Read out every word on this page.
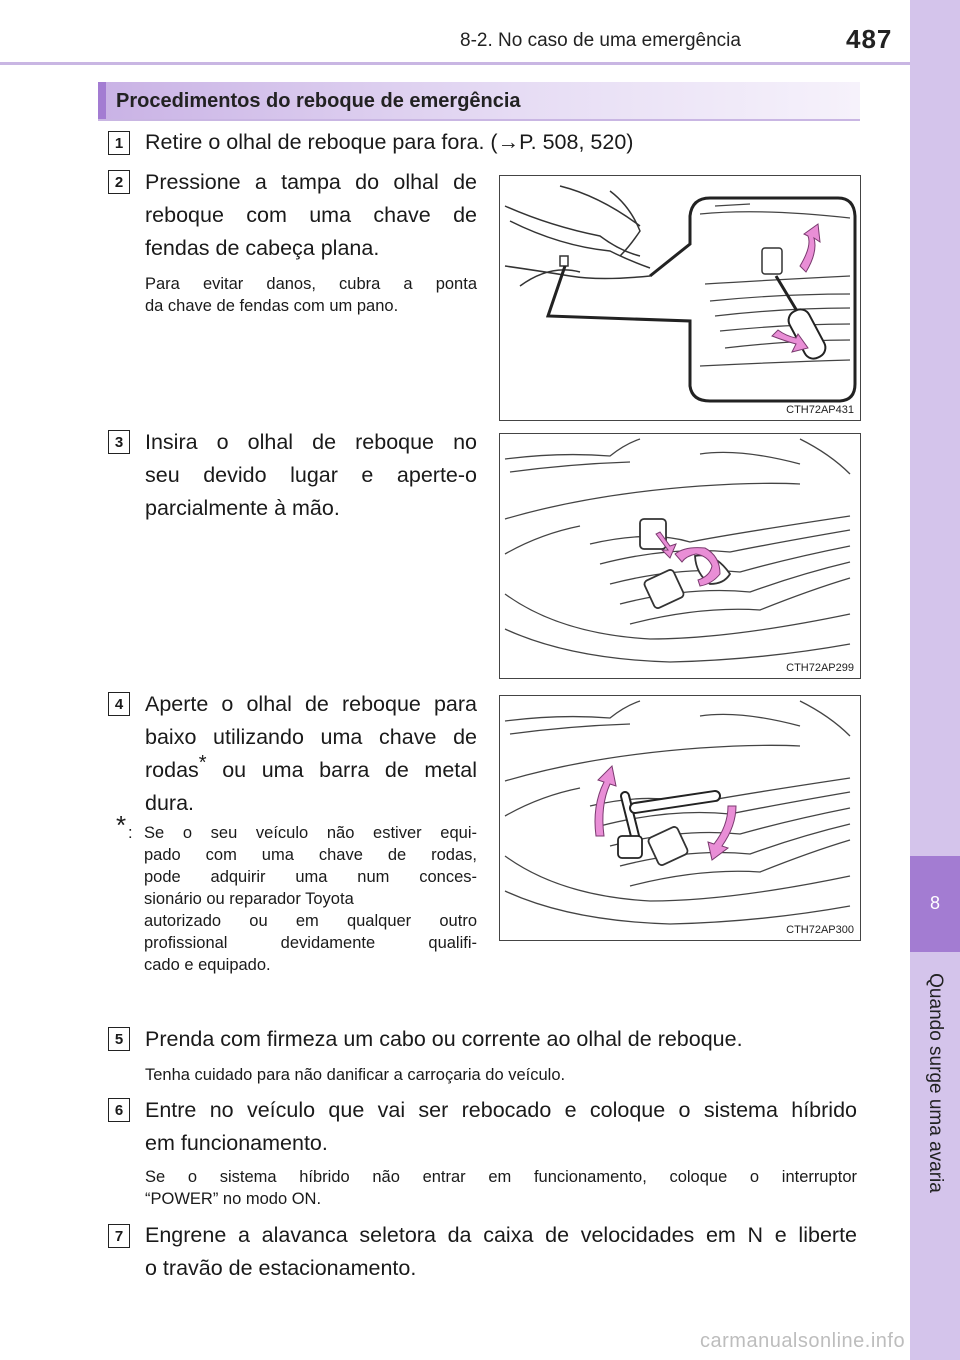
8-2. No caso de uma emergência	487
8
Quando surge uma avaria
Procedimentos do reboque de emergência
1	Retire o olhal de reboque para fora. (→P. 508, 520)
2	Pressione a tampa do olhal de
reboque com uma chave de
fendas de cabeça plana.
Para evitar danos, cubra a ponta
da chave de fendas com um pano.
CTH72AP431
3	Insira o olhal de reboque no
seu devido lugar e aperte-o
parcialmente à mão.
CTH72AP299
4	Aperte o olhal de reboque para
baixo utilizando uma chave de
rodas* ou uma barra de metal
dura.
* : Se o seu veículo não estiver equi-
pado com uma chave de rodas,
pode adquirir uma num conces-
sionário ou reparador Toyota
autorizado ou em qualquer outro
profissional devidamente qualifi-
cado e equipado.
CTH72AP300
5	Prenda com firmeza um cabo ou corrente ao olhal de reboque.
Tenha cuidado para não danificar a carroçaria do veículo.
6	Entre no veículo que vai ser rebocado e coloque o sistema híbrido
em funcionamento.
Se o sistema híbrido não entrar em funcionamento, coloque o interruptor
“POWER” no modo ON.
7	Engrene a alavanca seletora da caixa de velocidades em N e liberte
o travão de estacionamento.
carmanualsonline.info
